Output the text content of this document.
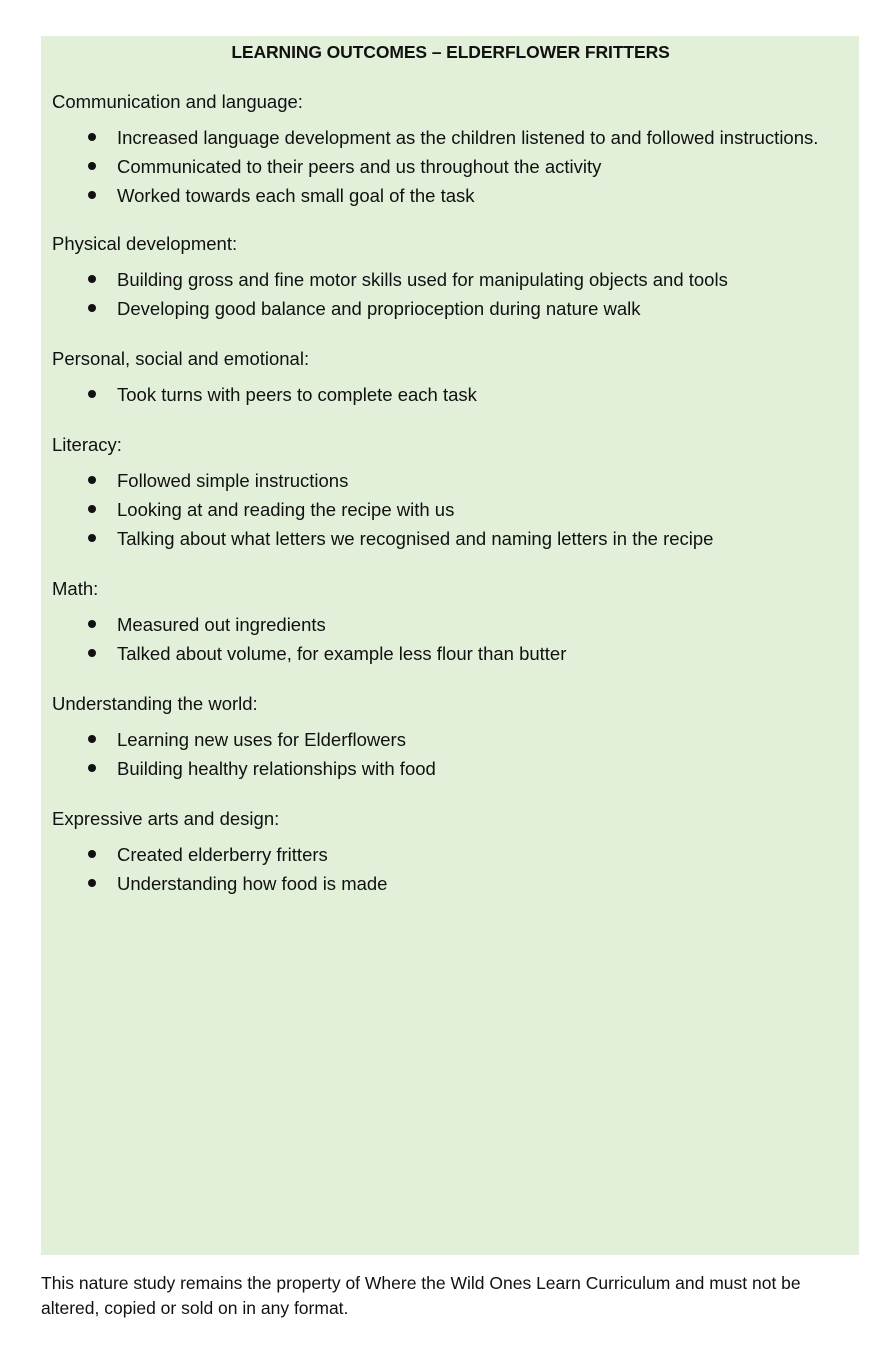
LEARNING OUTCOMES – ELDERFLOWER FRITTERS
Communication and language:
Increased language development as the children listened to and followed instructions.
Communicated to their peers and us throughout the activity
Worked towards each small goal of the task
Physical development:
Building gross and fine motor skills used for manipulating objects and tools
Developing good balance and proprioception during nature walk
Personal, social and emotional:
Took turns with peers to complete each task
Literacy:
Followed simple instructions
Looking at and reading the recipe with us
Talking about what letters we recognised and naming letters in the recipe
Math:
Measured out ingredients
Talked about volume, for example less flour than butter
Understanding the world:
Learning new uses for Elderflowers
Building healthy relationships with food
Expressive arts and design:
Created elderberry fritters
Understanding how food is made
This nature study remains the property of Where the Wild Ones Learn Curriculum and must not be altered, copied or sold on in any format.
